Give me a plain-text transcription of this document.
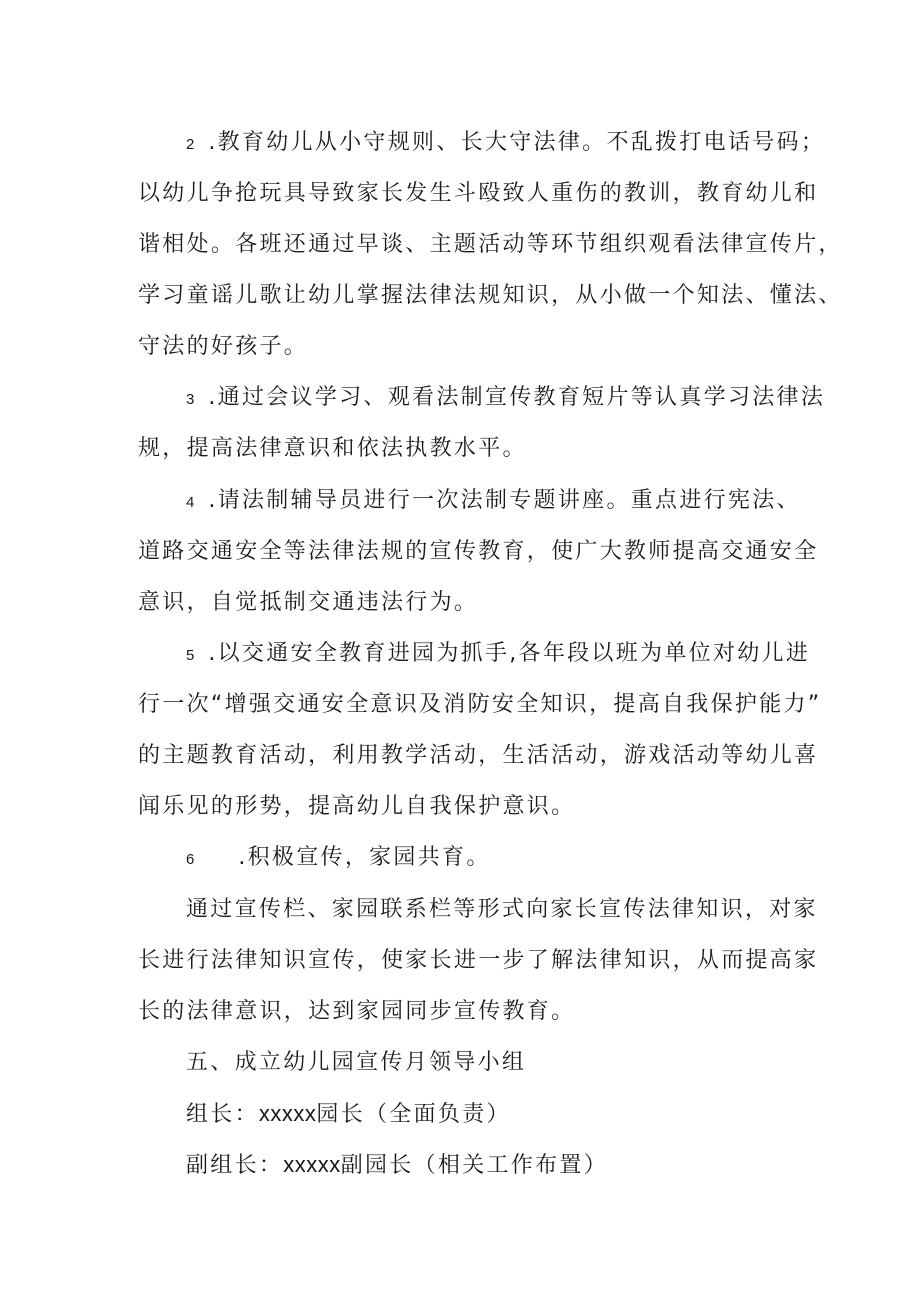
2 .教育幼儿从小守规则、长大守法律。不乱拨打电话号码；
以幼儿争抢玩具导致家长发生斗殴致人重伤的教训，教育幼儿和
谐相处。各班还通过早谈、主题活动等环节组织观看法律宣传片，
学习童谣儿歌让幼儿掌握法律法规知识，从小做一个知法、懂法、
守法的好孩子。
3 .通过会议学习、观看法制宣传教育短片等认真学习法律法
规，提高法律意识和依法执教水平。
4 .请法制辅导员进行一次法制专题讲座。重点进行宪法、
道路交通安全等法律法规的宣传教育，使广大教师提高交通安全
意识，自觉抵制交通违法行为。
5 .以交通安全教育进园为抓手,各年段以班为单位对幼儿进
行一次“增强交通安全意识及消防安全知识，提高自我保护能力”
的主题教育活动，利用教学活动，生活活动，游戏活动等幼儿喜
闻乐见的形势，提高幼儿自我保护意识。
6 .积极宣传，家园共育。
通过宣传栏、家园联系栏等形式向家长宣传法律知识，对家
长进行法律知识宣传，使家长进一步了解法律知识，从而提高家
长的法律意识，达到家园同步宣传教育。
五、成立幼儿园宣传月领导小组
组长：xxxxx园长（全面负责）
副组长：xxxxx副园长（相关工作布置）
